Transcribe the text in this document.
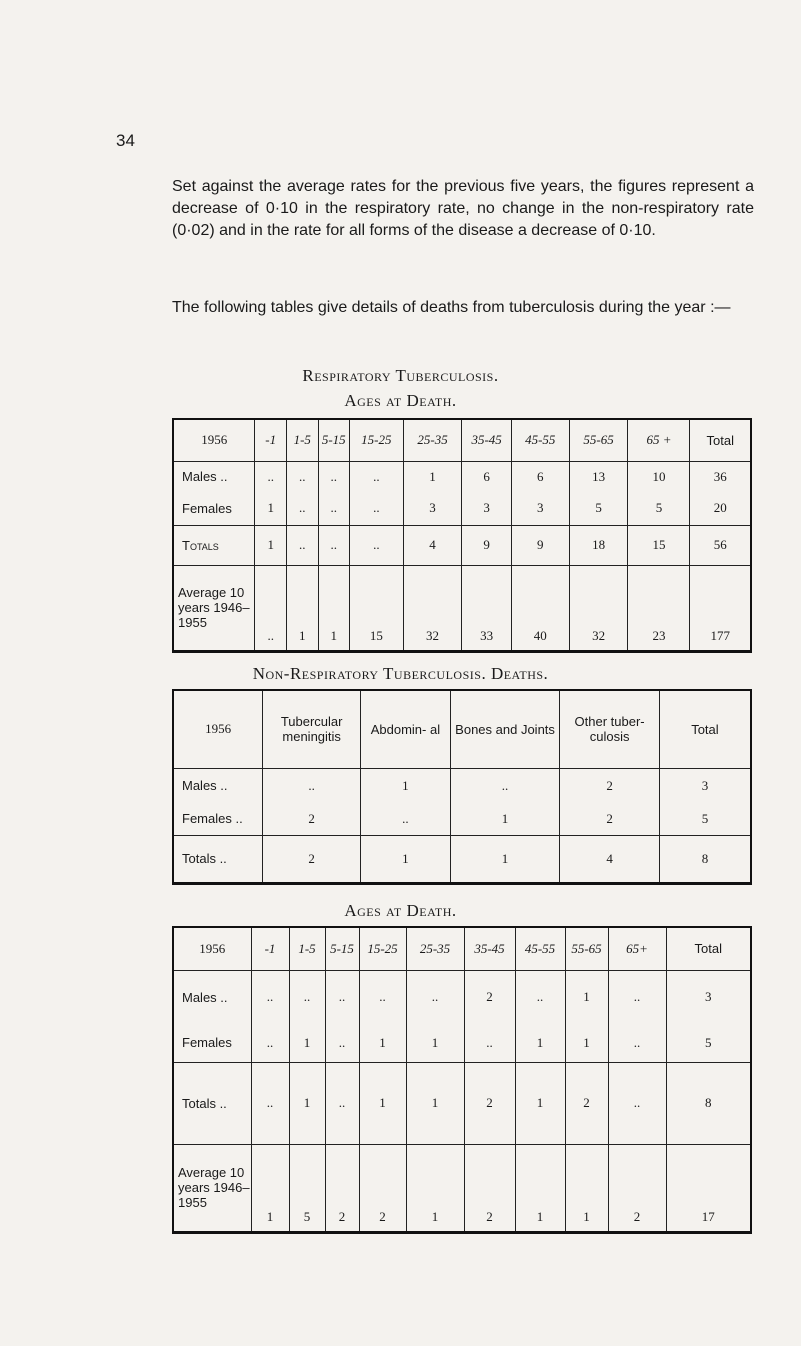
34
Set against the average rates for the previous five years, the figures represent a decrease of 0·10 in the respiratory rate, no change in the non-respiratory rate (0·02) and in the rate for all forms of the disease a decrease of 0·10.
The following tables give details of deaths from tuberculosis during the year :—
Respiratory Tuberculosis.
Ages at Death.
1956	-1	1-5	5-15	15-25	25-35	35-45	45-55	55-65	65 +	Total
Males ..	..	..	..	..	1	6	6	13	10	36
Females	1	..	..	..	3	3	3	5	5	20
Totals	1	..	..	..	4	9	9	18	15	56
Average 10 years 1946–1955	..	1	1	15	32	33	40	32	23	177
Non-Respiratory Tuberculosis. Deaths.
1956	Tubercular meningitis	Abdomin- al	Bones and Joints	Other tuber- culosis	Total
Males ..	..	1	..	2	3
Females ..	2	..	1	2	5
Totals ..	2	1	1	4	8
Ages at Death.
1956	-1	1-5	5-15	15-25	25-35	35-45	45-55	55-65	65+	Total
Males ..	..	..	..	..	..	2	..	1	..	3
Females	..	1	..	1	1	..	1	1	..	5
Totals ..	..	1	..	1	1	2	1	2	..	8
Average 10 years 1946–1955	1	5	2	2	1	2	1	1	2	17
